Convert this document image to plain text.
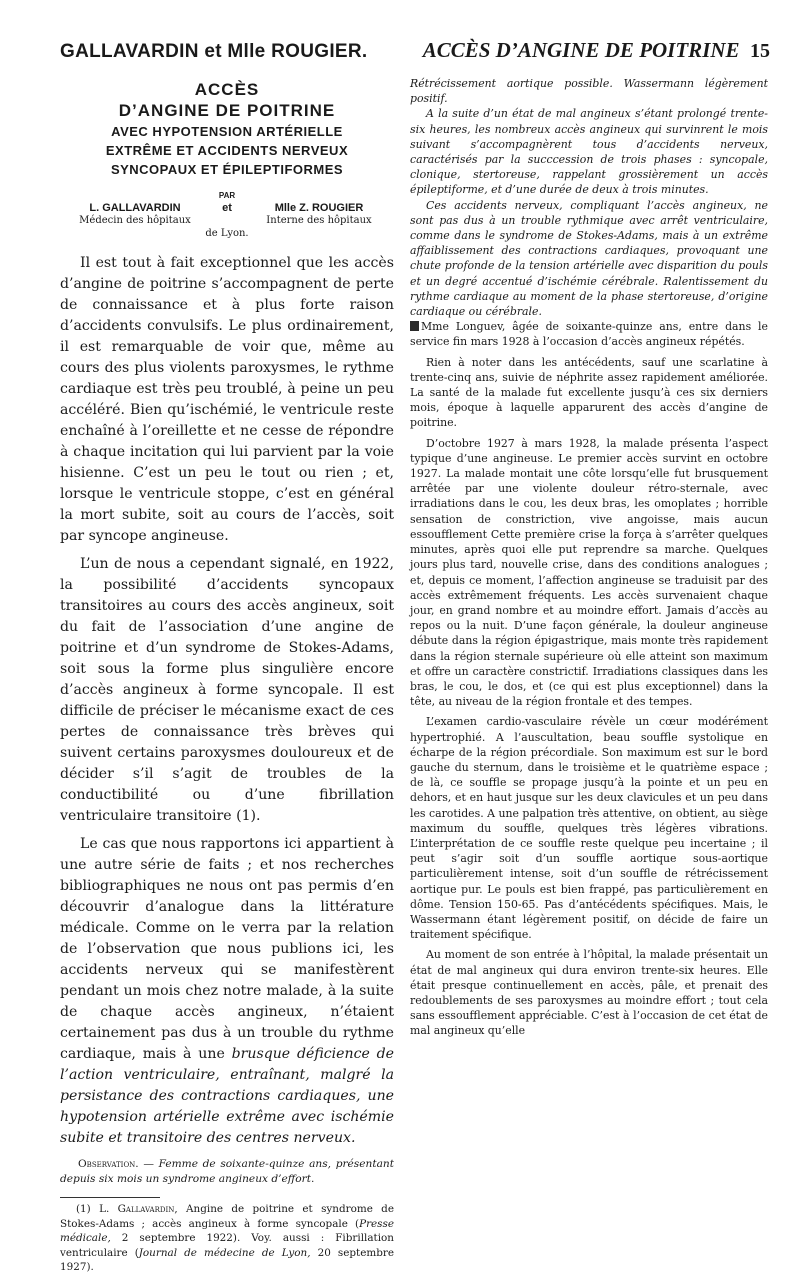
GALLAVARDIN et Mlle ROUGIER.	ACCÈS D’ANGINE DE POITRINE 15
ACCÈS
D’ANGINE DE POITRINE
AVEC HYPOTENSION ARTÉRIELLE
EXTRÊME ET ACCIDENTS NERVEUX
SYNCOPAUX ET ÉPILEPTIFORMES
PAR
L. GALLAVARDIN
Médecin des hôpitaux
et	Mlle Z. ROUGIER
Interne des hôpitaux
de Lyon.

Il est tout à fait exceptionnel que les accès d’angine de poitrine s’accompagnent de perte de connaissance et à plus forte raison d’accidents convulsifs. Le plus ordinairement, il est remarquable de voir que, même au cours des plus violents paroxysmes, le rythme cardiaque est très peu troublé, à peine un peu accéléré. Bien qu’ischémié, le ventricule reste enchaîné à l’oreillette et ne cesse de répondre à chaque incitation qui lui parvient par la voie hisienne. C’est un peu le tout ou rien ; et, lorsque le ventricule stoppe, c’est en général la mort subite, soit au cours de l’accès, soit par syncope angineuse.

L’un de nous a cependant signalé, en 1922, la possibilité d’accidents syncopaux transitoires au cours des accès angineux, soit du fait de l’association d’une angine de poitrine et d’un syndrome de Stokes-Adams, soit sous la forme plus singulière encore d’accès angineux à forme syncopale. Il est difficile de préciser le mécanisme exact de ces pertes de connaissance très brèves qui suivent certains paroxysmes douloureux et de décider s’il s’agit de troubles de la conductibilité ou d’une fibrillation ventriculaire transitoire (1).

Le cas que nous rapportons ici appartient à une autre série de faits ; et nos recherches bibliographiques ne nous ont pas permis d’en découvrir d’analogue dans la littérature médicale. Comme on le verra par la relation de l’observation que nous publions ici, les accidents nerveux qui se manifestèrent pendant un mois chez notre malade, à la suite de chaque accès angineux, n’étaient certainement pas dus à un trouble du rythme cardiaque, mais à une brusque déficience de l’action ventriculaire, entraînant, malgré la persistance des contractions cardiaques, une hypotension artérielle extrême avec ischémie subite et transitoire des centres nerveux.

Observation. — Femme de soixante-quinze ans, présentant depuis six mois un syndrome angineux d’effort.
(1) L. Gallavardin, Angine de poitrine et syndrome de Stokes-Adams ; accès angineux à forme syncopale (Presse médicale, 2 septembre 1922). Voy. aussi : Fibrillation ventriculaire (Journal de médecine de Lyon, 20 septembre 1927).

Rétrécissement aortique possible. Wassermann légèrement positif.

A la suite d’un état de mal angineux s’étant prolongé trente-six heures, les nombreux accès angineux qui survinrent le mois suivant s’accompagnèrent tous d’accidents nerveux, caractérisés par la succcession de trois phases : syncopale, clonique, stertoreuse, rappelant grossièrement un accès épileptiforme, et d’une durée de deux à trois minutes.

Ces accidents nerveux, compliquant l’accès angineux, ne sont pas dus à un trouble rythmique avec arrêt ventriculaire, comme dans le syndrome de Stokes-Adams, mais à un extrême affaiblissement des contractions cardiaques, provoquant une chute profonde de la tension artérielle avec disparition du pouls et un degré accentué d’ischémie cérébrale. Ralentissement du rythme cardiaque au moment de la phase stertoreuse, d’origine cardiaque ou cérébrale.

Mme Longuev, âgée de soixante-quinze ans, entre dans le service fin mars 1928 à l’occasion d’accès angineux répétés.

Rien à noter dans les antécédents, sauf une scarlatine à trente-cinq ans, suivie de néphrite assez rapidement améliorée. La santé de la malade fut excellente jusqu’à ces six derniers mois, époque à laquelle apparurent des accès d’angine de poitrine.

D’octobre 1927 à mars 1928, la malade présenta l’aspect typique d’une angineuse. Le premier accès survint en octobre 1927. La malade montait une côte lorsqu’elle fut brusquement arrêtée par une violente douleur rétro-sternale, avec irradiations dans le cou, les deux bras, les omoplates ; horrible sensation de constriction, vive angoisse, mais aucun essoufflement Cette première crise la força à s’arrêter quelques minutes, après quoi elle put reprendre sa marche. Quelques jours plus tard, nouvelle crise, dans des conditions analogues ; et, depuis ce moment, l’affection angineuse se traduisit par des accès extrêmement fréquents. Les accès survenaient chaque jour, en grand nombre et au moindre effort. Jamais d’accès au repos ou la nuit. D’une façon générale, la douleur angineuse débute dans la région épigastrique, mais monte très rapidement dans la région sternale supérieure où elle atteint son maximum et offre un caractère constrictif. Irradiations classiques dans les bras, le cou, le dos, et (ce qui est plus exceptionnel) dans la tête, au niveau de la région frontale et des tempes.

L’examen cardio-vasculaire révèle un cœur modérément hypertrophié. A l’auscultation, beau souffle systolique en écharpe de la région précordiale. Son maximum est sur le bord gauche du sternum, dans le troisième et le quatrième espace ; de là, ce souffle se propage jusqu’à la pointe et un peu en dehors, et en haut jusque sur les deux clavicules et un peu dans les carotides. A une palpation très attentive, on obtient, au siège maximum du souffle, quelques très légères vibrations. L’interprétation de ce souffle reste quelque peu incertaine ; il peut s’agir soit d’un souffle aortique sous-aortique particulièrement intense, soit d’un souffle de rétrécissement aortique pur. Le pouls est bien frappé, pas particulièrement en dôme. Tension 150-65. Pas d’antécédents spécifiques. Mais, le Wassermann étant légèrement positif, on décide de faire un traitement spécifique.

Au moment de son entrée à l’hôpital, la malade présentait un état de mal angineux qui dura environ trente-six heures. Elle était presque continuellement en accès, pâle, et prenait des redoublements de ses paroxysmes au moindre effort ; tout cela sans essoufflement appréciable. C’est à l’occasion de cet état de mal angineux qu’elle
